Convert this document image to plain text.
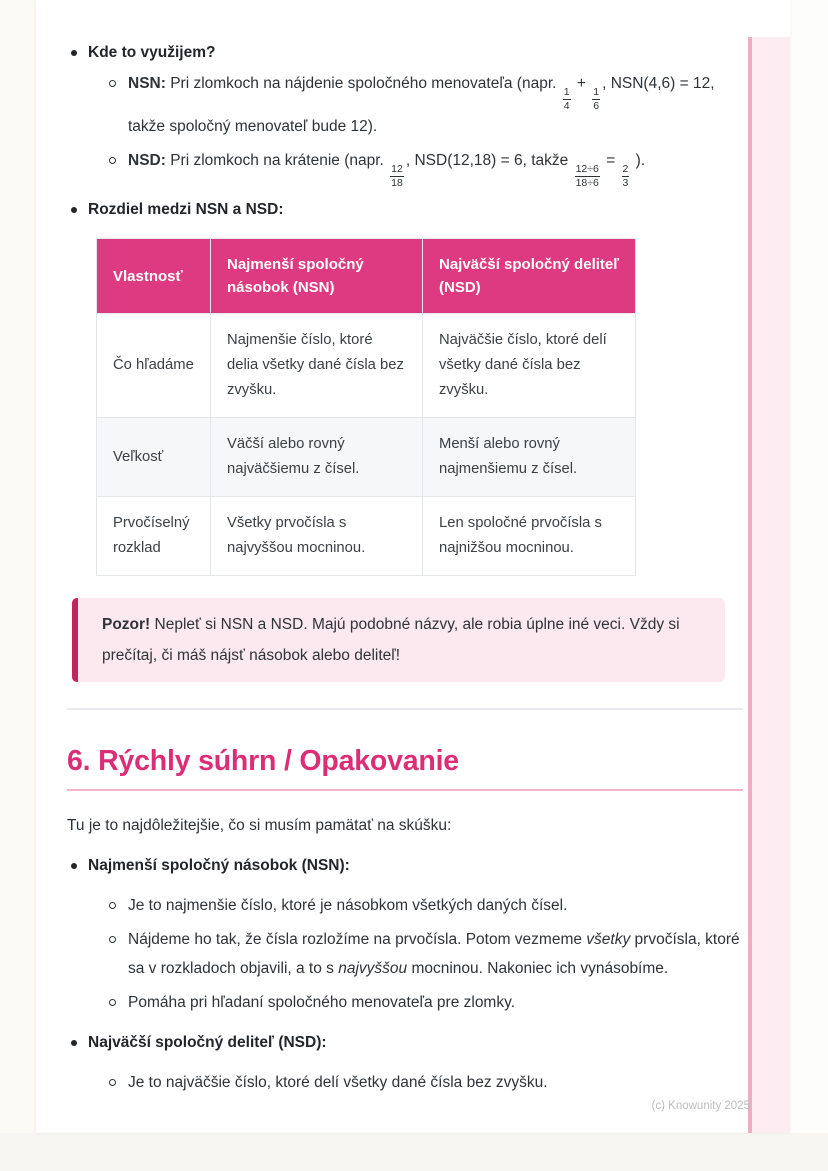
Kde to využijem?
NSN: Pri zlomkoch na nájdenie spoločného menovateľa (napr.
$\frac{1}{4}$
+
$\frac{1}{6}$
, NSN(4,6) = 12, takže spoločný menovateľ bude 12).
NSD: Pri zlomkoch na krátenie (napr.
$\frac{12}{18}$
, NSD(12,18) = 6, takže
$\frac{12\div 6}{18\div 6}$
=
$\frac{2}{3}$
).
Rozdiel medzi NSN a NSD:
Vlastnosť	Najmenší spoločný násobok (NSN)	Najväčší spoločný deliteľ (NSD)
Čo hľadáme	Najmenšie číslo, ktoré delia všetky dané čísla bez zvyšku.	Najväčšie číslo, ktoré delí všetky dané čísla bez zvyšku.
Veľkosť	Väčší alebo rovný najväčšiemu z čísel.	Menší alebo rovný najmenšiemu z čísel.
Prvočíselný rozklad	Všetky prvočísla s najvyššou mocninou.	Len spoločné prvočísla s najnižšou mocninou.
Pozor! Nepleť si NSN a NSD. Majú podobné názvy, ale robia úplne iné veci. Vždy si prečítaj, či máš nájsť násobok alebo deliteľ!
6. Rýchly súhrn / Opakovanie

Tu je to najdôležitejšie, čo si musím pamätať na skúšku:

Najmenší spoločný násobok (NSN):
Je to najmenšie číslo, ktoré je násobkom všetkých daných čísel.
Nájdeme ho tak, že čísla rozložíme na prvočísla. Potom vezmeme všetky prvočísla, ktoré sa v rozkladoch objavili, a to s najvyššou mocninou. Nakoniec ich vynásobíme.
Pomáha pri hľadaní spoločného menovateľa pre zlomky.
Najväčší spoločný deliteľ (NSD):
Je to najväčšie číslo, ktoré delí všetky dané čísla bez zvyšku.
(c) Knowunity 2025
